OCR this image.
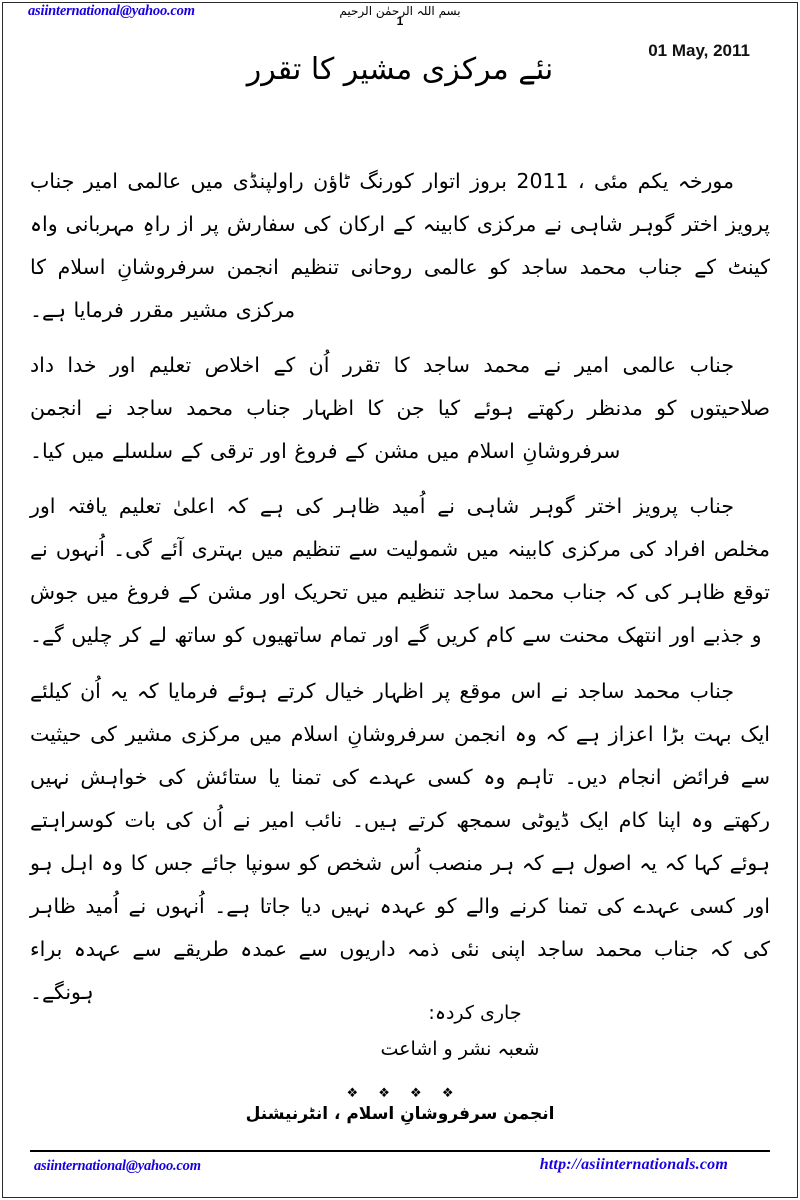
asiinternational@yahoo.com	بسم اللہ الرحمٰن الرحیم
1
01 May, 2011
نئے مرکزی مشیر کا تقرر

مورخہ یکم مئی ، 2011 بروز اتوار کورنگ ٹاؤن راولپنڈی میں عالمی امیر جناب پرویز اختر گوہر شاہی نے مرکزی کابینہ کے ارکان کی سفارش پر از راہِ مہربانی واہ کینٹ کے جناب محمد ساجد کو عالمی روحانی تنظیم انجمن سرفروشانِ اسلام کا مرکزی مشیر مقرر فرمایا ہے۔

جناب عالمی امیر نے محمد ساجد کا تقرر اُن کے اخلاص تعلیم اور خدا داد صلاحیتوں کو مدنظر رکھتے ہوئے کیا جن کا اظہار جناب محمد ساجد نے انجمن سرفروشانِ اسلام میں مشن کے فروغ اور ترقی کے سلسلے میں کیا۔

جناب پرویز اختر گوہر شاہی نے اُمید ظاہر کی ہے کہ اعلیٰ تعلیم یافتہ اور مخلص افراد کی مرکزی کابینہ میں شمولیت سے تنظیم میں بہتری آئے گی۔ اُنہوں نے توقع ظاہر کی کہ جناب محمد ساجد تنظیم میں تحریک اور مشن کے فروغ میں جوش و جذبے اور انتھک محنت سے کام کریں گے اور تمام ساتھیوں کو ساتھ لے کر چلیں گے۔

جناب محمد ساجد نے اس موقع پر اظہار خیال کرتے ہوئے فرمایا کہ یہ اُن کیلئے ایک بہت بڑا اعزاز ہے کہ وہ انجمن سرفروشانِ اسلام میں مرکزی مشیر کی حیثیت سے فرائض انجام دیں۔ تاہم وہ کسی عہدے کی تمنا یا ستائش کی خواہش نہیں رکھتے وہ اپنا کام ایک ڈیوٹی سمجھ کرتے ہیں۔ نائب امیر نے اُن کی بات کوسراہتے ہوئے کہا کہ یہ اصول ہے کہ ہر منصب اُس شخص کو سونپا جائے جس کا وہ اہل ہو اور کسی عہدے کی تمنا کرنے والے کو عہدہ نہیں دیا جاتا ہے۔ اُنہوں نے اُمید ظاہر کی کہ جناب محمد ساجد اپنی نئی ذمہ داریوں سے عمدہ طریقے سے عہدہ براء ہونگے۔

جاری کردہ:
شعبہ نشر و اشاعت
❖ ❖ ❖ ❖
انجمن سرفروشانِ اسلام ، انٹرنیشنل
asiinternational@yahoo.com	http://asiinternationals.com
